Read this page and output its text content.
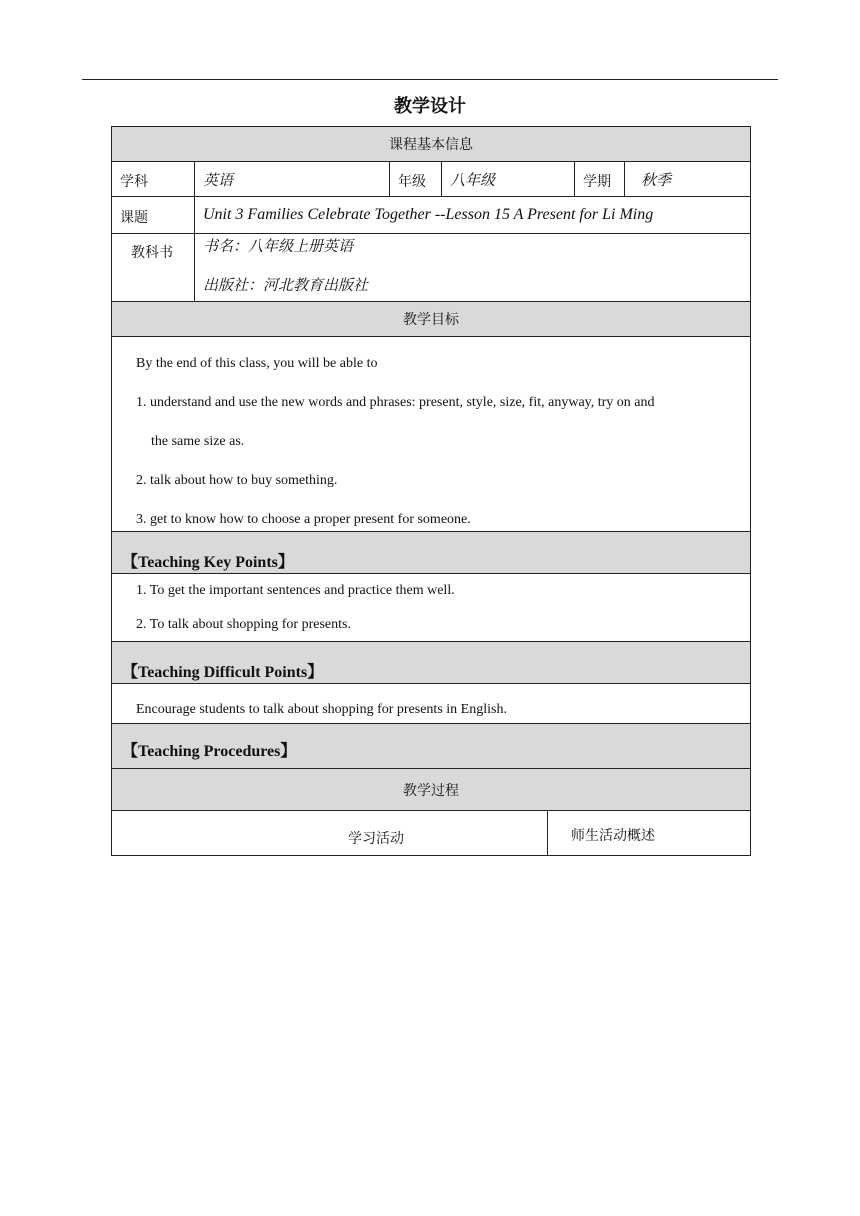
教学设计
课程基本信息
学科	英语	年级 八年级	学期 秋季
课题	Unit 3 Families Celebrate Together --Lesson 15 A Present for Li Ming
教科书	书名：八年级上册英语
出版社：河北教育出版社
教学目标
By the end of this class, you will be able to
1. understand and use the new words and phrases: present, style, size, fit, anyway, try on and
the same size as.
2. talk about how to buy something.
3. get to know how to choose a proper present for someone.
【Teaching Key Points】
1. To get the important sentences and practice them well.
2. To talk about shopping for presents.
【Teaching Difficult Points】
Encourage students to talk about shopping for presents in English.
【Teaching Procedures】
教学过程
学习活动	师生活动概述
